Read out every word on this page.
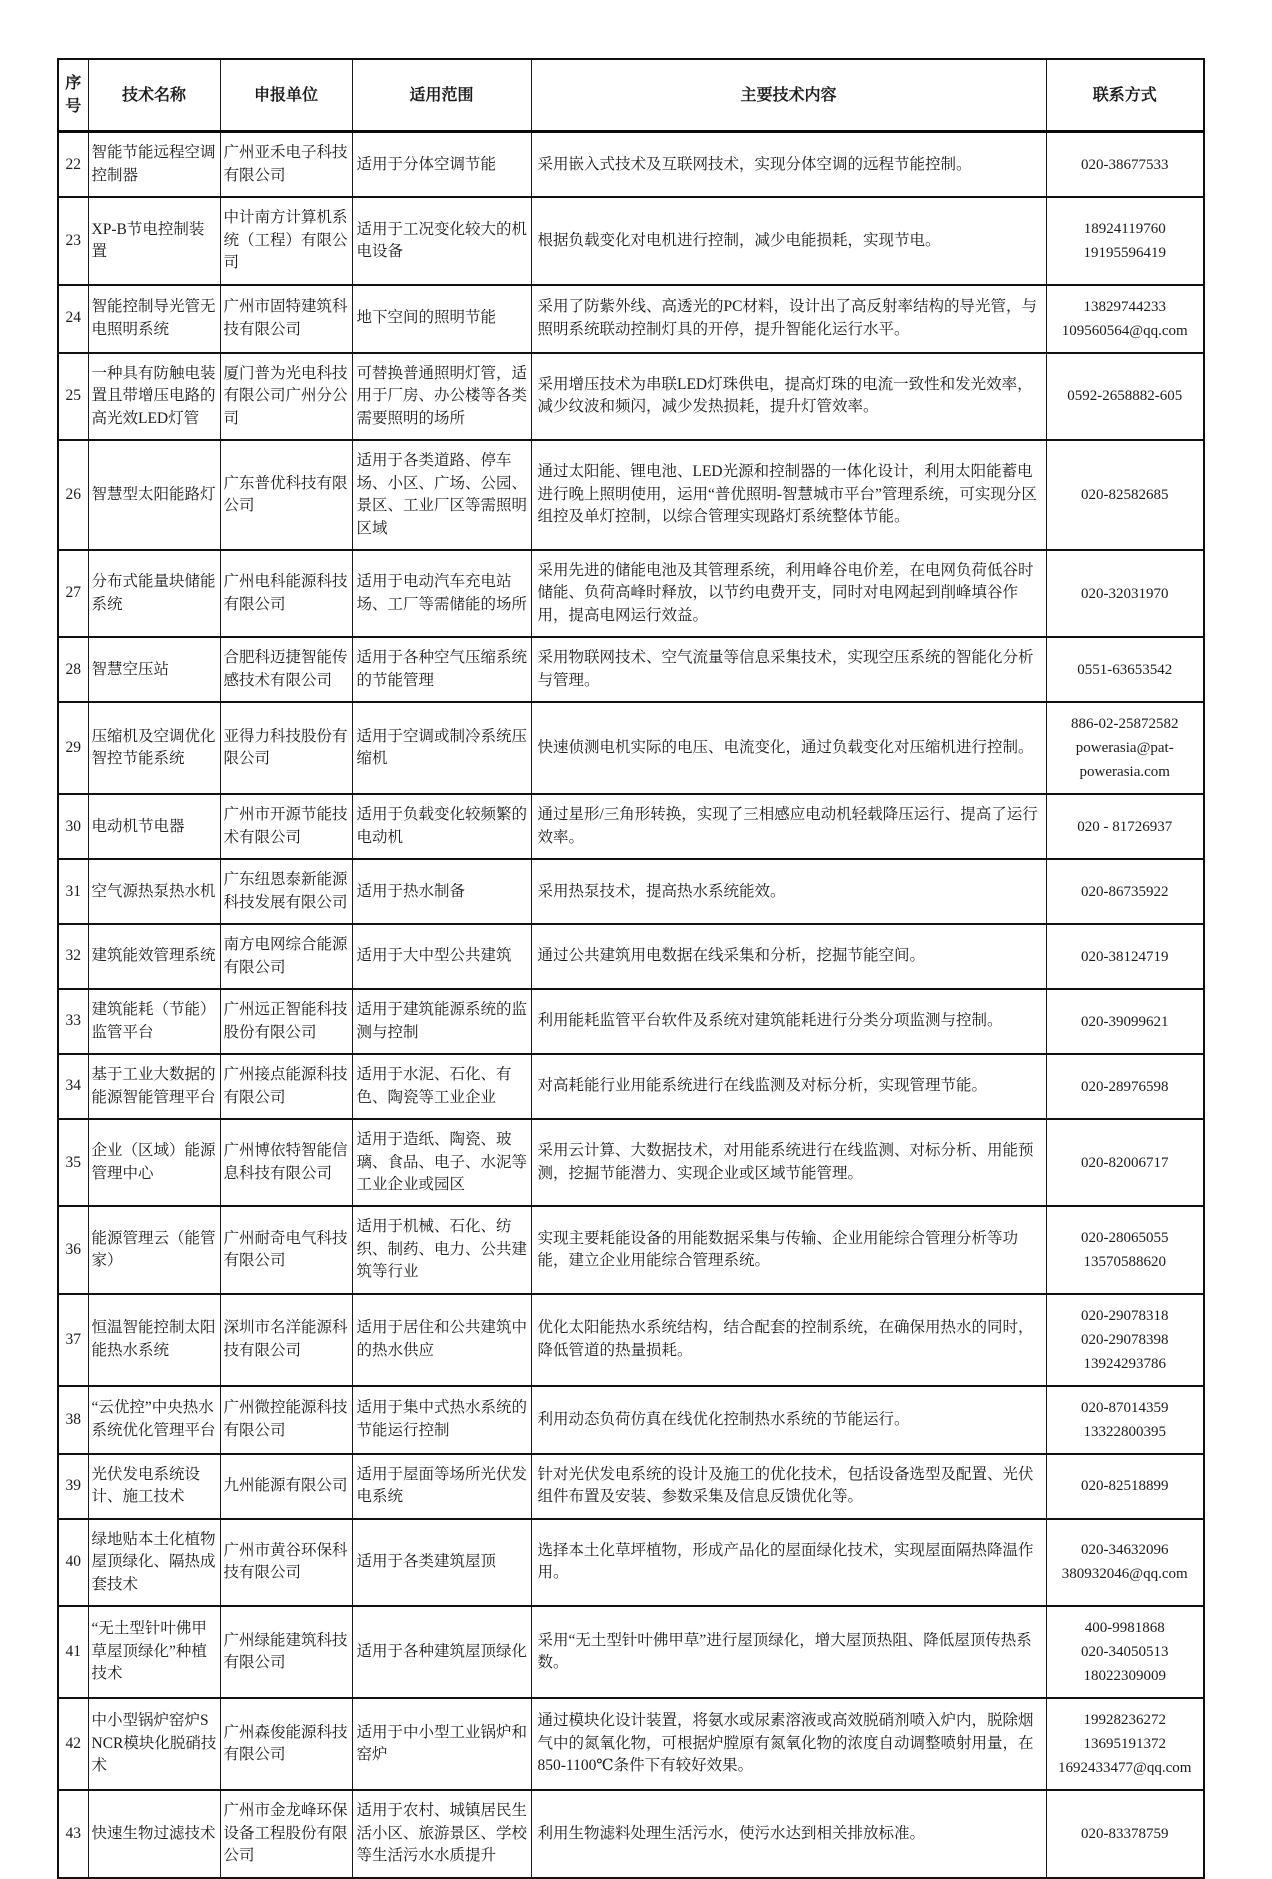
序号	技术名称	申报单位	适用范围	主要技术内容	联系方式
22	智能节能远程空调控制器	广州亚禾电子科技有限公司	适用于分体空调节能	采用嵌入式技术及互联网技术，实现分体空调的远程节能控制。	020-38677533

23	XP-B节电控制装置	中计南方计算机系统（工程）有限公司	适用于工况变化较大的机电设备	根据负载变化对电机进行控制，减少电能损耗，实现节电。	18924119760
19195596419

24	智能控制导光管无电照明系统	广州市固特建筑科技有限公司	地下空间的照明节能	采用了防紫外线、高透光的PC材料，设计出了高反射率结构的导光管，与照明系统联动控制灯具的开停，提升智能化运行水平。	13829744233
109560564@qq.com

25	一种具有防触电装置且带增压电路的高光效LED灯管	厦门普为光电科技有限公司广州分公司	可替换普通照明灯管，适用于厂房、办公楼等各类需要照明的场所	采用增压技术为串联LED灯珠供电，提高灯珠的电流一致性和发光效率，减少纹波和频闪，减少发热损耗，提升灯管效率。	0592-2658882-605

26	智慧型太阳能路灯	广东普优科技有限公司	适用于各类道路、停车场、小区、广场、公园、景区、工业厂区等需照明区域	通过太阳能、锂电池、LED光源和控制器的一体化设计，利用太阳能蓄电进行晚上照明使用，运用“普优照明-智慧城市平台”管理系统，可实现分区组控及单灯控制，以综合管理实现路灯系统整体节能。	020-82582685

27	分布式能量块储能系统	广州电科能源科技有限公司	适用于电动汽车充电站场、工厂等需储能的场所	采用先进的储能电池及其管理系统，利用峰谷电价差，在电网负荷低谷时储能、负荷高峰时释放，以节约电费开支，同时对电网起到削峰填谷作用，提高电网运行效益。	020-32031970

28	智慧空压站	合肥科迈捷智能传感技术有限公司	适用于各种空气压缩系统的节能管理	采用物联网技术、空气流量等信息采集技术，实现空压系统的智能化分析与管理。	0551-63653542

29	压缩机及空调优化智控节能系统	亚得力科技股份有限公司	适用于空调或制冷系统压缩机	快速侦测电机实际的电压、电流变化，通过负载变化对压缩机进行控制。	886-02-25872582
powerasia@pat-
powerasia.com

30	电动机节电器	广州市开源节能技术有限公司	适用于负载变化较频繁的电动机	通过星形/三角形转换，实现了三相感应电动机轻载降压运行、提高了运行效率。	020 - 81726937

31	空气源热泵热水机	广东纽恩泰新能源科技发展有限公司	适用于热水制备	采用热泵技术，提高热水系统能效。	020-86735922

32	建筑能效管理系统	南方电网综合能源有限公司	适用于大中型公共建筑	通过公共建筑用电数据在线采集和分析，挖掘节能空间。	020-38124719

33	建筑能耗（节能）监管平台	广州远正智能科技股份有限公司	适用于建筑能源系统的监测与控制	利用能耗监管平台软件及系统对建筑能耗进行分类分项监测与控制。	020-39099621

34	基于工业大数据的能源智能管理平台	广州接点能源科技有限公司	适用于水泥、石化、有色、陶瓷等工业企业	对高耗能行业用能系统进行在线监测及对标分析，实现管理节能。	020-28976598

35	企业（区域）能源管理中心	广州博依特智能信息科技有限公司	适用于造纸、陶瓷、玻璃、食品、电子、水泥等工业企业或园区	采用云计算、大数据技术，对用能系统进行在线监测、对标分析、用能预测，挖掘节能潜力、实现企业或区域节能管理。	020-82006717

36	能源管理云（能管家）	广州耐奇电气科技有限公司	适用于机械、石化、纺织、制药、电力、公共建筑等行业	实现主要耗能设备的用能数据采集与传输、企业用能综合管理分析等功能，建立企业用能综合管理系统。	020-28065055
13570588620

37	恒温智能控制太阳能热水系统	深圳市名洋能源科技有限公司	适用于居住和公共建筑中的热水供应	优化太阳能热水系统结构，结合配套的控制系统，在确保用热水的同时，降低管道的热量损耗。	020-29078318
020-29078398
13924293786

38	“云优控”中央热水系统优化管理平台	广州微控能源科技有限公司	适用于集中式热水系统的节能运行控制	利用动态负荷仿真在线优化控制热水系统的节能运行。	020-87014359
13322800395

39	光伏发电系统设计、施工技术	九州能源有限公司	适用于屋面等场所光伏发电系统	针对光伏发电系统的设计及施工的优化技术，包括设备选型及配置、光伏组件布置及安装、参数采集及信息反馈优化等。	020-82518899

40	绿地贴本土化植物屋顶绿化、隔热成套技术	广州市黄谷环保科技有限公司	适用于各类建筑屋顶	选择本土化草坪植物，形成产品化的屋面绿化技术，实现屋面隔热降温作用。	020-34632096
380932046@qq.com

41	“无土型针叶佛甲草屋顶绿化”种植技术	广州绿能建筑科技有限公司	适用于各种建筑屋顶绿化	采用“无土型针叶佛甲草”进行屋顶绿化，增大屋顶热阻、降低屋顶传热系数。	400-9981868
020-34050513
18022309009

42	中小型锅炉窑炉SNCR模块化脱硝技术	广州森俊能源科技有限公司	适用于中小型工业锅炉和窑炉	通过模块化设计装置，将氨水或尿素溶液或高效脱硝剂喷入炉内，脱除烟气中的氮氧化物，可根据炉膛原有氮氧化物的浓度自动调整喷射用量，在850-1100℃条件下有较好效果。	19928236272
13695191372
1692433477@qq.com

43	快速生物过滤技术	广州市金龙峰环保设备工程股份有限公司	适用于农村、城镇居民生活小区、旅游景区、学校等生活污水水质提升	利用生物滤料处理生活污水，使污水达到相关排放标准。	020-83378759
